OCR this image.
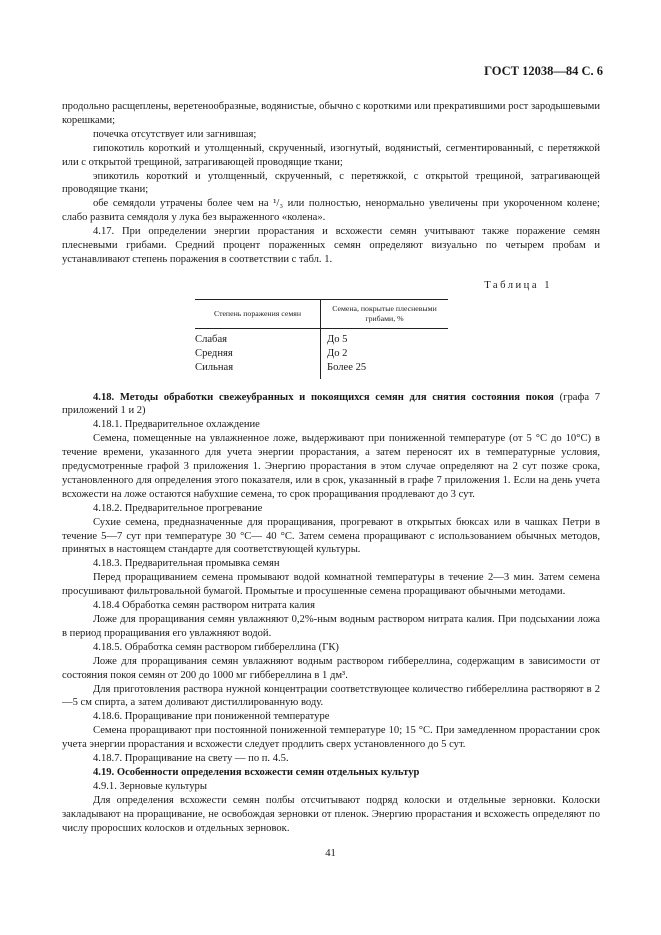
ГОСТ 12038—84 С. 6

продольно расщеплены, веретенообразные, водянистые, обычно с короткими или прекратившими рост зародышевыми корешками;

почечка отсутствует или загнившая;

гипокотиль короткий и утолщенный, скрученный, изогнутый, водянистый, сегментированный, с перетяжкой или с открытой трещиной, затрагивающей проводящие ткани;

эпикотиль короткий и утолщенный, скрученный, с перетяжкой, с открытой трещиной, затрагивающей проводящие ткани;

обе семядоли утрачены более чем на ¹/₃ или полностью, ненормально увеличены при укороченном колене; слабо развита семядоля у лука без выраженного «колена».

4.17. При определении энергии прорастания и всхожести семян учитывают также поражение семян плесневыми грибами. Средний процент пораженных семян определяют визуально по четырем пробам и устанавливают степень поражения в соответствии с табл. 1.

Таблица 1
Степень поражения семян	Семена, покрытые плесневыми грибами, %
Слабая	До 5
Средняя	До 2
Сильная	Более 25

4.18. Методы обработки свежеубранных и покоящихся семян для снятия состояния покоя (графа 7 приложений 1 и 2)

4.18.1. Предварительное охлаждение

Семена, помещенные на увлажненное ложе, выдерживают при пониженной температуре (от 5 °С до 10°С) в течение времени, указанного для учета энергии прорастания, а затем переносят их в температурные условия, предусмотренные графой 3 приложения 1. Энергию прорастания в этом случае определяют на 2 сут позже срока, установленного для определения этого показателя, или в срок, указанный в графе 7 приложения 1. Если на день учета всхожести на ложе остаются набухшие семена, то срок проращивания продлевают до 3 сут.

4.18.2. Предварительное прогревание

Сухие семена, предназначенные для проращивания, прогревают в открытых бюксах или в чашках Петри в течение 5—7 сут при температуре 30 °С— 40 °С. Затем семена проращивают с использованием обычных методов, принятых в настоящем стандарте для соответствующей культуры.

4.18.3. Предварительная промывка семян

Перед проращиванием семена промывают водой комнатной температуры в течение 2—3 мин. Затем семена просушивают фильтровальной бумагой. Промытые и просушенные семена проращивают обычными методами.

4.18.4 Обработка семян раствором нитрата калия

Ложе для проращивания семян увлажняют 0,2%-ным водным раствором нитрата калия. При подсыхании ложа в период проращивания его увлажняют водой.

4.18.5. Обработка семян раствором гиббереллина (ГК)

Ложе для проращивания семян увлажняют водным раствором гиббереллина, содержащим в зависимости от состояния покоя семян от 200 до 1000 мг гиббереллина в 1 дм³.

Для приготовления раствора нужной концентрации соответствующее количество гиббереллина растворяют в 2—5 см спирта, а затем доливают дистиллированную воду.

4.18.6. Проращивание при пониженной температуре

Семена проращивают при постоянной пониженной температуре 10; 15 °С. При замедленном прорастании срок учета энергии прорастания и всхожести следует продлить сверх установленного до 5 сут.

4.18.7. Проращивание на свету — по п. 4.5.

4.19. Особенности определения всхожести семян отдельных культур

4.9.1. Зерновые культуры

Для определения всхожести семян полбы отсчитывают подряд колоски и отдельные зерновки. Колоски закладывают на проращивание, не освобождая зерновки от пленок. Энергию прорастания и всхожесть определяют по числу проросших колосков и отдельных зерновок.

41
